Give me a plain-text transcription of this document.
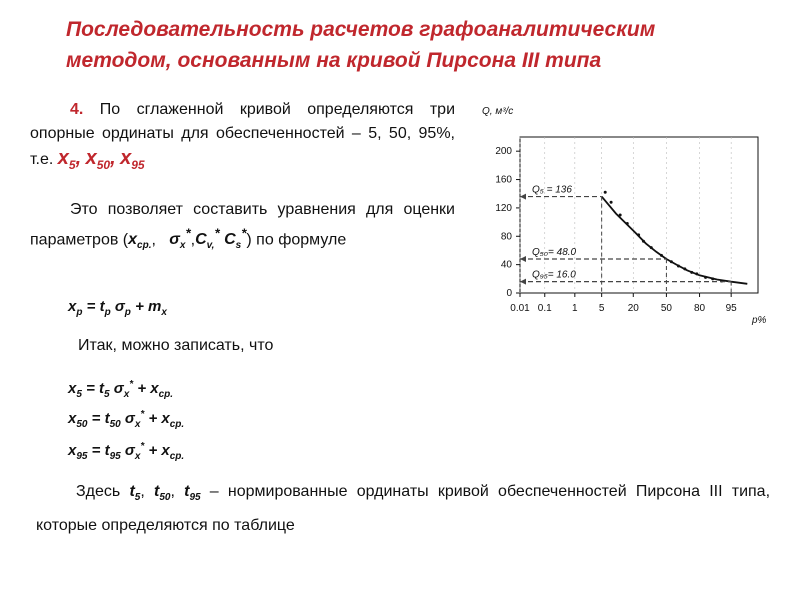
Последовательность расчетов графоаналитическим
методом, основанным на кривой Пирсона III типа
4. По сглаженной кривой определяются три опорные ординаты для обеспеченностей – 5, 50, 95%, т.е. $x_5$, $x_{50}$, $x_{95}$
Это позволяет составить уравнения для оценки параметров ($x_{ср.}$,   $\sigma_x^*,C_{v,}^*$ $C_s^*$) по формуле
$x_p = t_p$ $\sigma_p + m_x$
Итак, можно записать, что
$x_5 = t_5$ $\sigma_x^* + x_{ср.}$
$x_{50} = t_{50}$ $\sigma_x^* + x_{ср.}$
$x_{95} = t_{95}$ $\sigma_x^* + x_{ср.}$
Здесь $t_5$, $t_{50}$, $t_{95}$ – нормированные ординаты кривой обеспеченностей Пирсона III типа, которые определяются по таблице
Q, м³/с
p%
0
40
80
120
160
200
0.01 0.1 1 5 20 50 80 95
Q₅ = 136
Q₅₀= 48.0
Q₉₅= 16.0
